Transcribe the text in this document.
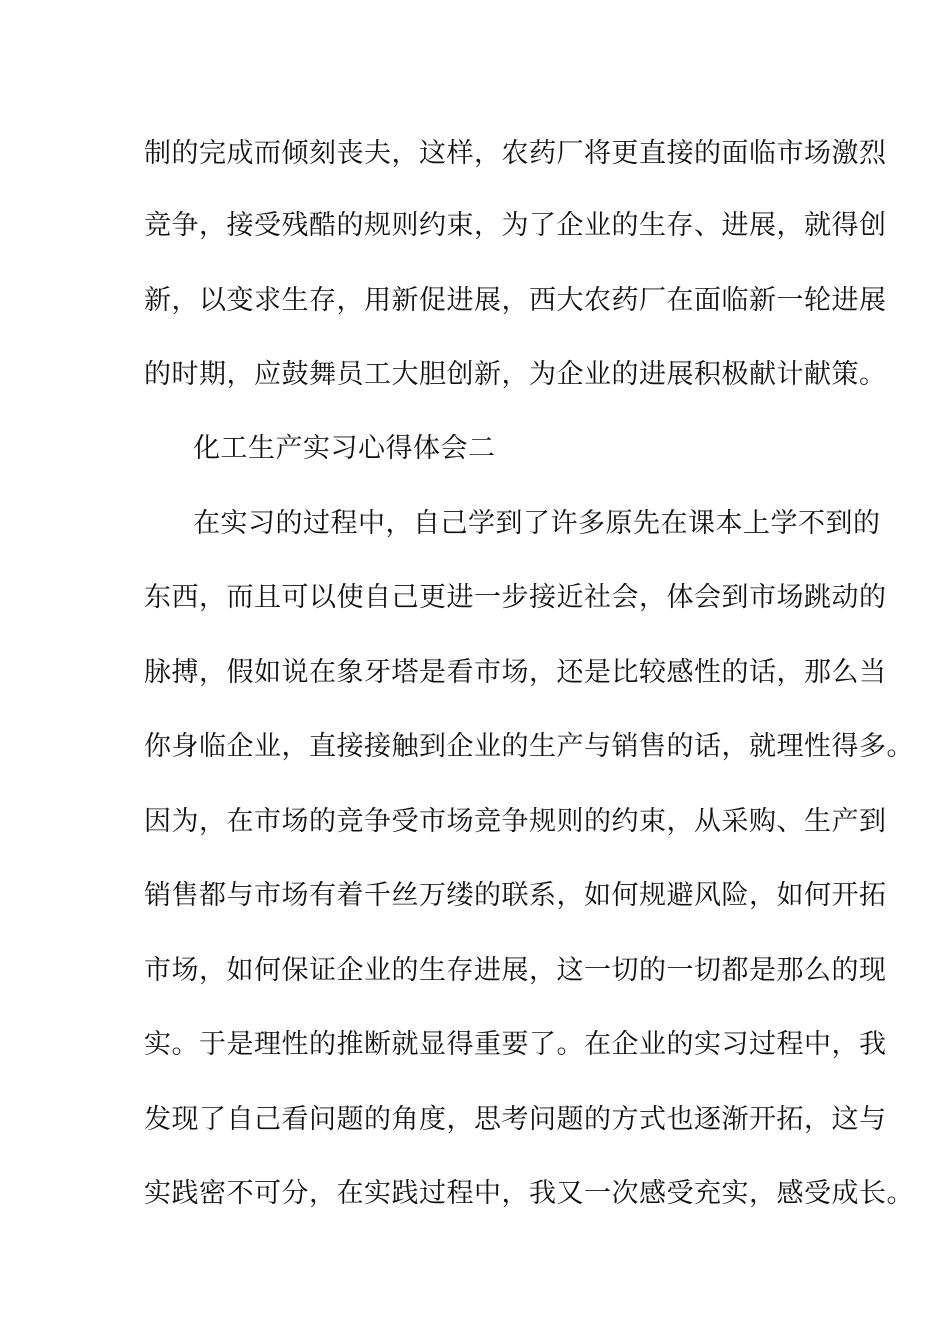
制的完成而倾刻丧夫，这样，农药厂将更直接的面临市场激烈
竞争，接受残酷的规则约束，为了企业的生存、进展，就得创
新，以变求生存，用新促进展，西大农药厂在面临新一轮进展
的时期，应鼓舞员工大胆创新，为企业的进展积极献计献策。
化工生产实习心得体会二
在实习的过程中，自己学到了许多原先在课本上学不到的
东西，而且可以使自己更进一步接近社会，体会到市场跳动的
脉搏，假如说在象牙塔是看市场，还是比较感性的话，那么当
你身临企业，直接接触到企业的生产与销售的话，就理性得多。
因为，在市场的竞争受市场竞争规则的约束，从采购、生产到
销售都与市场有着千丝万缕的联系，如何规避风险，如何开拓
市场，如何保证企业的生存进展，这一切的一切都是那么的现
实。于是理性的推断就显得重要了。在企业的实习过程中，我
发现了自己看问题的角度，思考问题的方式也逐渐开拓，这与
实践密不可分，在实践过程中，我又一次感受充实，感受成长。
